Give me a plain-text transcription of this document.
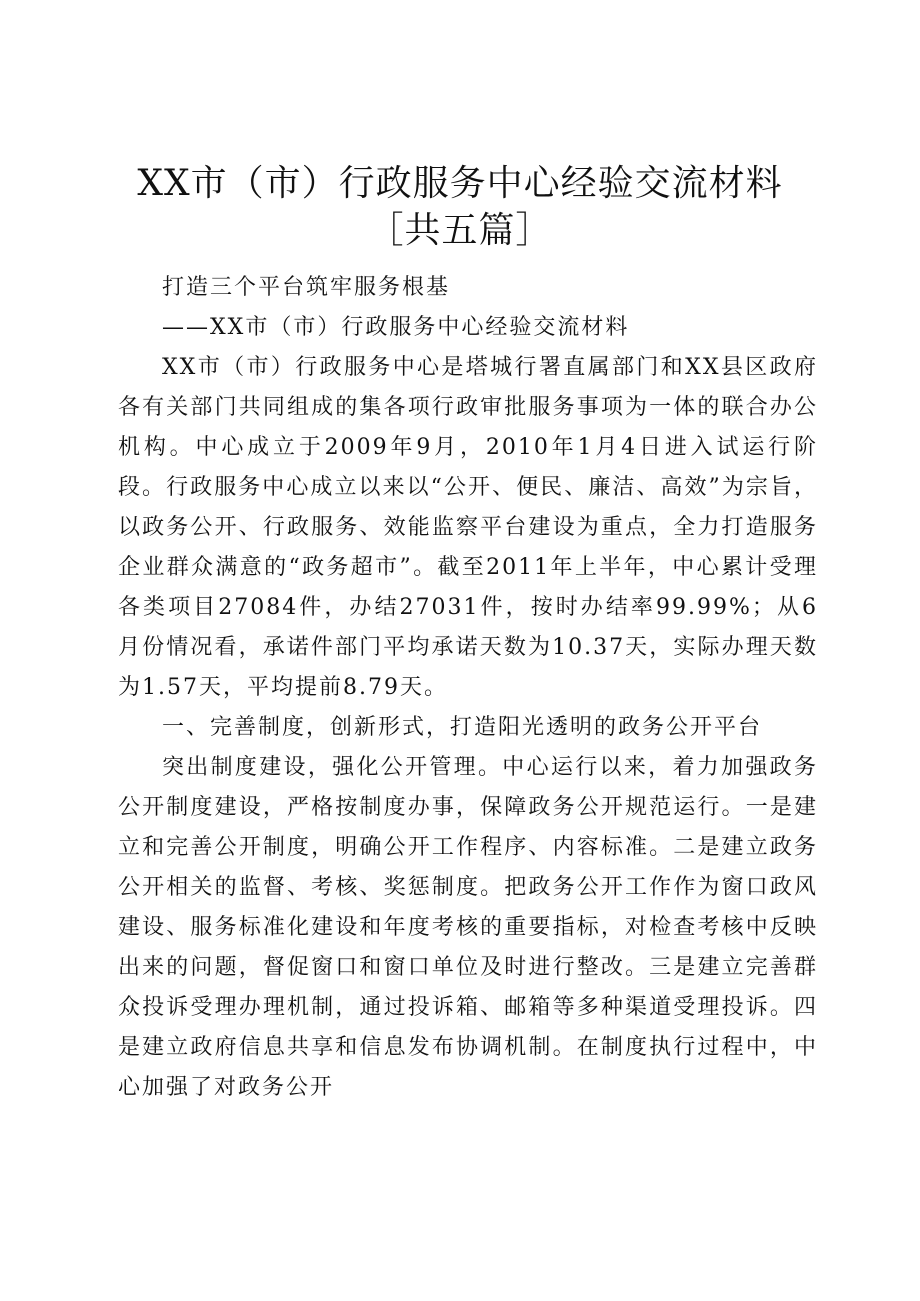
XX市（市）行政服务中心经验交流材料［共五篇］

打造三个平台筑牢服务根基

——XX市（市）行政服务中心经验交流材料

XX市（市）行政服务中心是塔城行署直属部门和XX县区政府各有关部门共同组成的集各项行政审批服务事项为一体的联合办公机构。中心成立于2009年9月，2010年1月4日进入试运行阶段。行政服务中心成立以来以“公开、便民、廉洁、高效”为宗旨，以政务公开、行政服务、效能监察平台建设为重点，全力打造服务企业群众满意的“政务超市”。截至2011年上半年，中心累计受理各类项目27084件，办结27031件，按时办结率99.99%；从6月份情况看，承诺件部门平均承诺天数为10.37天，实际办理天数为1.57天，平均提前8.79天。

一、完善制度，创新形式，打造阳光透明的政务公开平台

突出制度建设，强化公开管理。中心运行以来，着力加强政务公开制度建设，严格按制度办事，保障政务公开规范运行。一是建立和完善公开制度，明确公开工作程序、内容标准。二是建立政务公开相关的监督、考核、奖惩制度。把政务公开工作作为窗口政风建设、服务标准化建设和年度考核的重要指标，对检查考核中反映出来的问题，督促窗口和窗口单位及时进行整改。三是建立完善群众投诉受理办理机制，通过投诉箱、邮箱等多种渠道受理投诉。四是建立政府信息共享和信息发布协调机制。在制度执行过程中，中心加强了对政务公开
